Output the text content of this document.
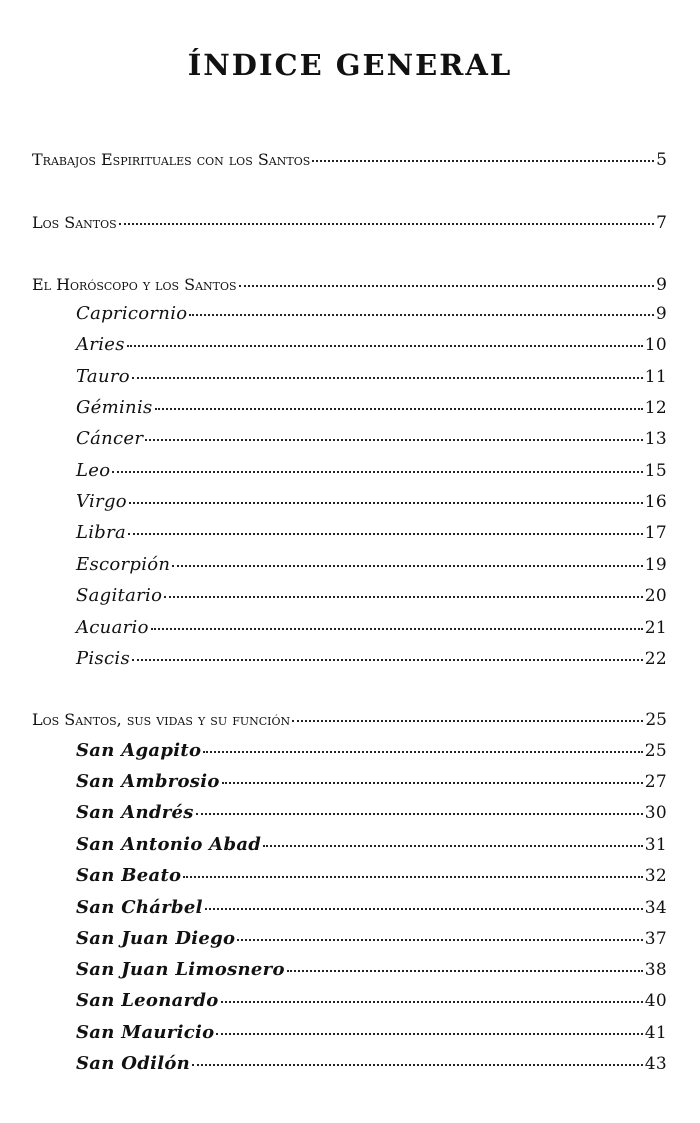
ÍNDICE GENERAL
Trabajos Espirituales con los Santos	5
Los Santos	7
El Horóscopo y los Santos	9
Capricornio	9
Aries	10
Tauro	11
Géminis	12
Cáncer	13
Leo	15
Virgo	16
Libra	17
Escorpión	19
Sagitario	20
Acuario	21
Piscis	22
Los Santos, sus vidas y su función	25
San Agapito	25
San Ambrosio	27
San Andrés	30
San Antonio Abad	31
San Beato	32
San Chárbel	34
San Juan Diego	37
San Juan Limosnero	38
San Leonardo	40
San Mauricio	41
San Odilón	43
